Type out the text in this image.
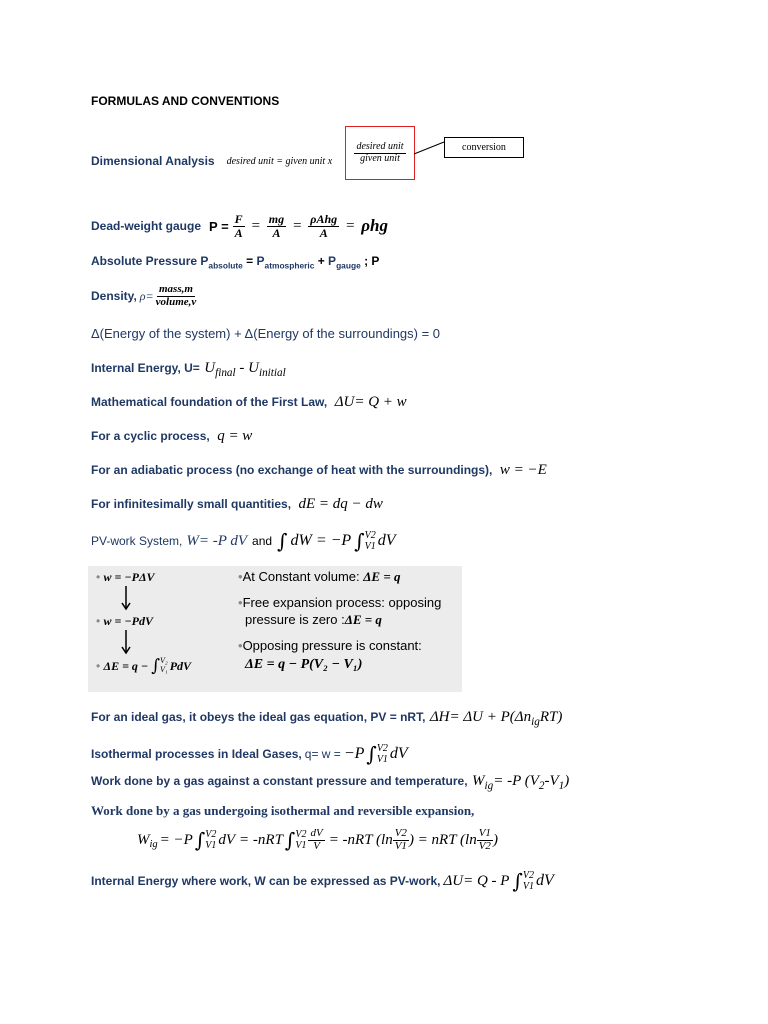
FORMULAS AND CONVENTIONS
Dimensional Analysis desired unit = given unit x $\frac{\text{desired unit}}{\text{given unit}}$	conversion
Dead-weight gauge $P = \frac{F}{A} = \frac{mg}{A} = \frac{\text{ρAhg}}{A} = \rho hg$
Absolute Pressure $P_{absolute} = P_{atmospheric} + P_{gauge}$ ; P
Density, $\rho= \frac{\text{mass,m}}{\text{volume,v}}$
Δ(Energy of the system) + Δ(Energy of the surroundings) = 0
Internal Energy, $U= U_{final} - U_{initial}$
Mathematical foundation of the First Law, ΔU= Q + w
For a cyclic process, q = w
For an adiabatic process (no exchange of heat with the surroundings), w = −E
For infinitesimally small quantities, dE = dq − dw
PV-work System, W= -P dV and ∫ dW = −P ∫ V2
V1 dV
• w = −PΔV
• w = −PdV
•
ΔE = q − ∫ V₂
V₁ PdV
•At Constant volume: ΔE = q
•Free expansion process: opposing
pressure is zero :ΔE = q
•Opposing pressure is constant:
ΔE = q − P(V₂ − V₁)
For an ideal gas, it obeys the ideal gas equation, PV = nRT, $\Delta H= \Delta U + P(\Delta n_{ig}RT)$
Isothermal processes in Ideal Gases, q= w = −P ∫ V2
V1 dV
Work done by a gas against a constant pressure and temperature, $W_{ig}= -P$ $(V_2-V_1)$
Work done by a gas undergoing isothermal and reversible expansion,
$W_{ig} = -P$ ∫ V2
V1 dV = -nRT ∫ V2
$V1 \frac{dV}{V} = -nRT$ ($\ln \frac{V2}{V1}$ ) = nRT ($\ln \frac{V1}{V2}$ )
Internal Energy where work, W can be expressed as PV-work, ΔU= Q - P ∫ V2
V1 dV
